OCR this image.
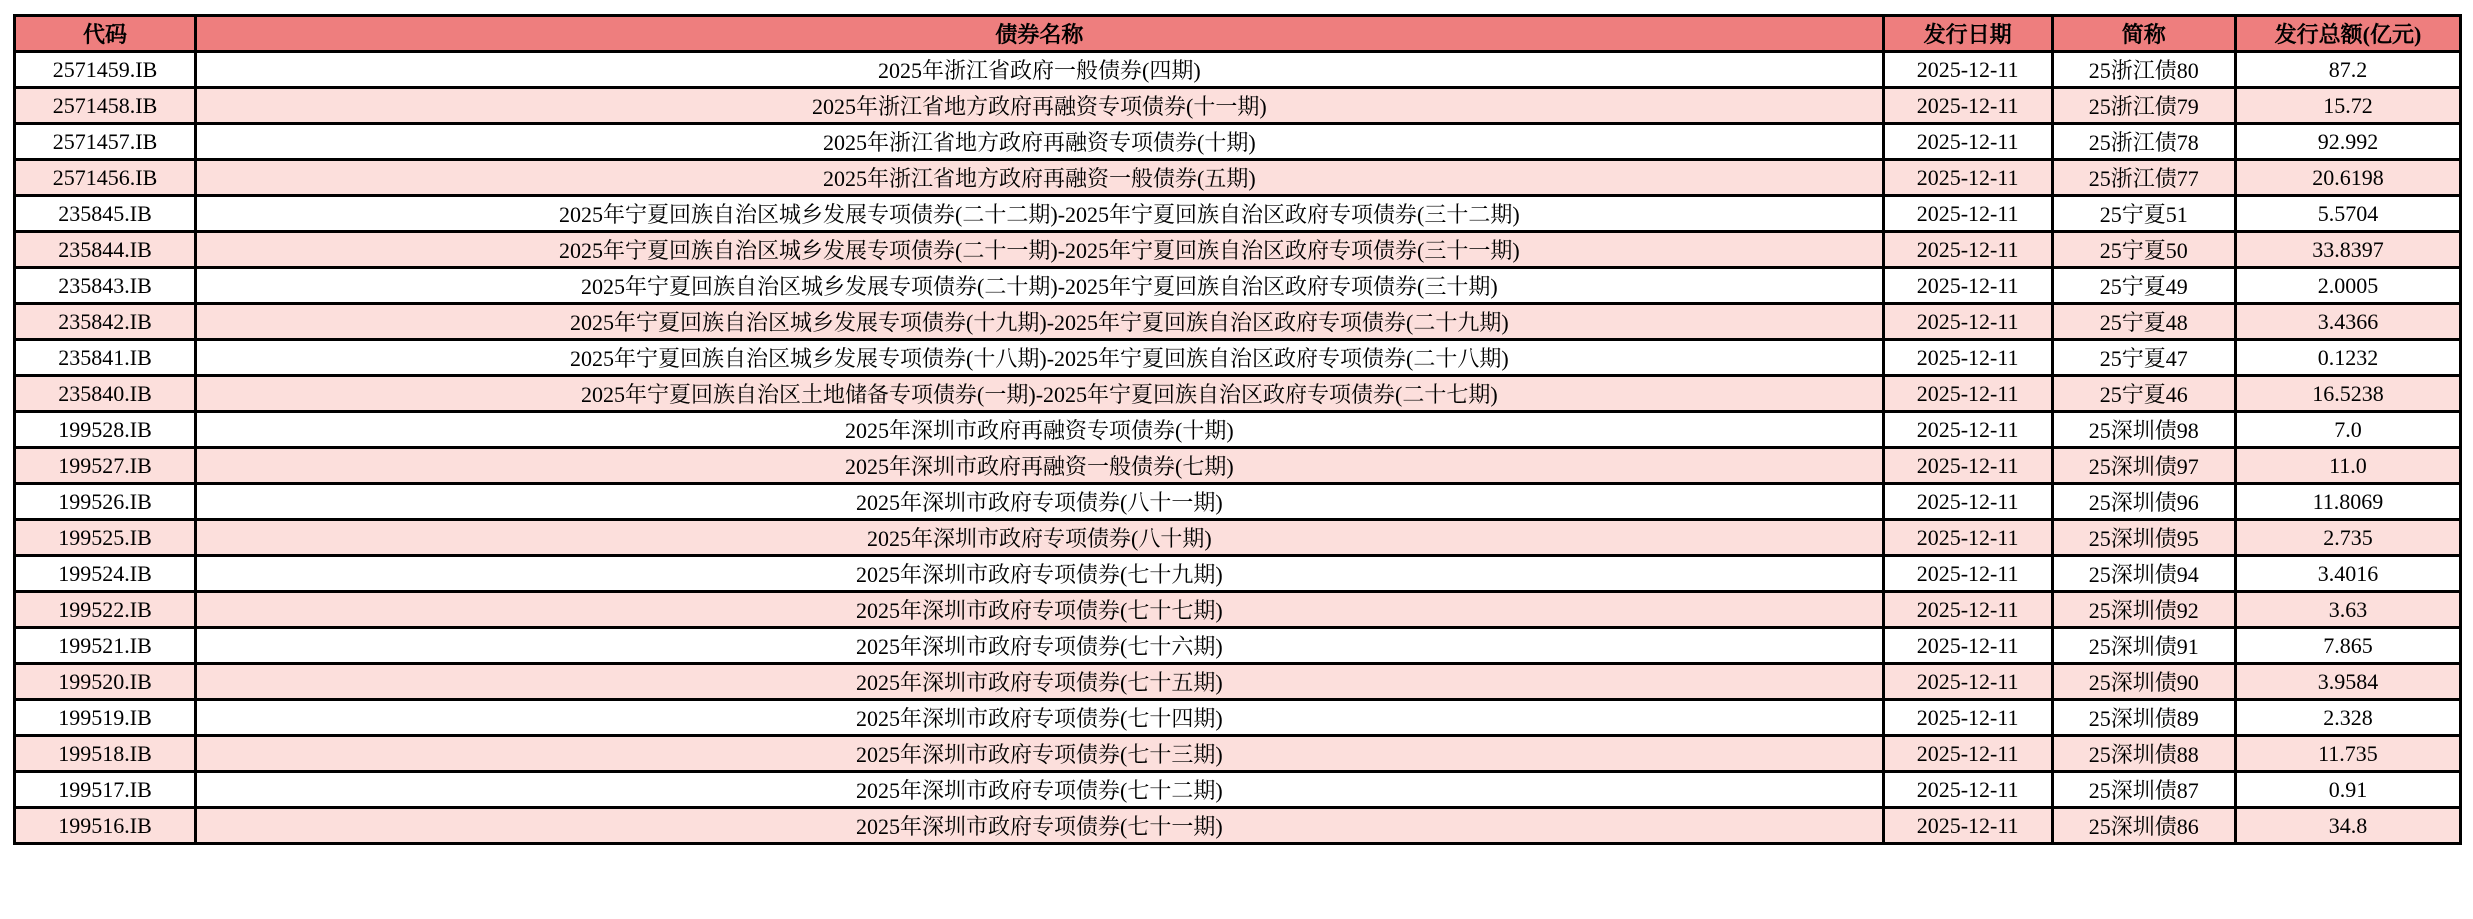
代码	债券名称	发行日期	简称	发行总额(亿元)
2571459.IB	2025年浙江省政府一般债券(四期)	2025-12-11	25浙江债80	87.2
2571458.IB	2025年浙江省地方政府再融资专项债券(十一期)	2025-12-11	25浙江债79	15.72
2571457.IB	2025年浙江省地方政府再融资专项债券(十期)	2025-12-11	25浙江债78	92.992
2571456.IB	2025年浙江省地方政府再融资一般债券(五期)	2025-12-11	25浙江债77	20.6198
235845.IB	2025年宁夏回族自治区城乡发展专项债券(二十二期)-2025年宁夏回族自治区政府专项债券(三十二期)	2025-12-11	25宁夏51	5.5704
235844.IB	2025年宁夏回族自治区城乡发展专项债券(二十一期)-2025年宁夏回族自治区政府专项债券(三十一期)	2025-12-11	25宁夏50	33.8397
235843.IB	2025年宁夏回族自治区城乡发展专项债券(二十期)-2025年宁夏回族自治区政府专项债券(三十期)	2025-12-11	25宁夏49	2.0005
235842.IB	2025年宁夏回族自治区城乡发展专项债券(十九期)-2025年宁夏回族自治区政府专项债券(二十九期)	2025-12-11	25宁夏48	3.4366
235841.IB	2025年宁夏回族自治区城乡发展专项债券(十八期)-2025年宁夏回族自治区政府专项债券(二十八期)	2025-12-11	25宁夏47	0.1232
235840.IB	2025年宁夏回族自治区土地储备专项债券(一期)-2025年宁夏回族自治区政府专项债券(二十七期)	2025-12-11	25宁夏46	16.5238
199528.IB	2025年深圳市政府再融资专项债券(十期)	2025-12-11	25深圳债98	7.0
199527.IB	2025年深圳市政府再融资一般债券(七期)	2025-12-11	25深圳债97	11.0
199526.IB	2025年深圳市政府专项债券(八十一期)	2025-12-11	25深圳债96	11.8069
199525.IB	2025年深圳市政府专项债券(八十期)	2025-12-11	25深圳债95	2.735
199524.IB	2025年深圳市政府专项债券(七十九期)	2025-12-11	25深圳债94	3.4016
199522.IB	2025年深圳市政府专项债券(七十七期)	2025-12-11	25深圳债92	3.63
199521.IB	2025年深圳市政府专项债券(七十六期)	2025-12-11	25深圳债91	7.865
199520.IB	2025年深圳市政府专项债券(七十五期)	2025-12-11	25深圳债90	3.9584
199519.IB	2025年深圳市政府专项债券(七十四期)	2025-12-11	25深圳债89	2.328
199518.IB	2025年深圳市政府专项债券(七十三期)	2025-12-11	25深圳债88	11.735
199517.IB	2025年深圳市政府专项债券(七十二期)	2025-12-11	25深圳债87	0.91
199516.IB	2025年深圳市政府专项债券(七十一期)	2025-12-11	25深圳债86	34.8
